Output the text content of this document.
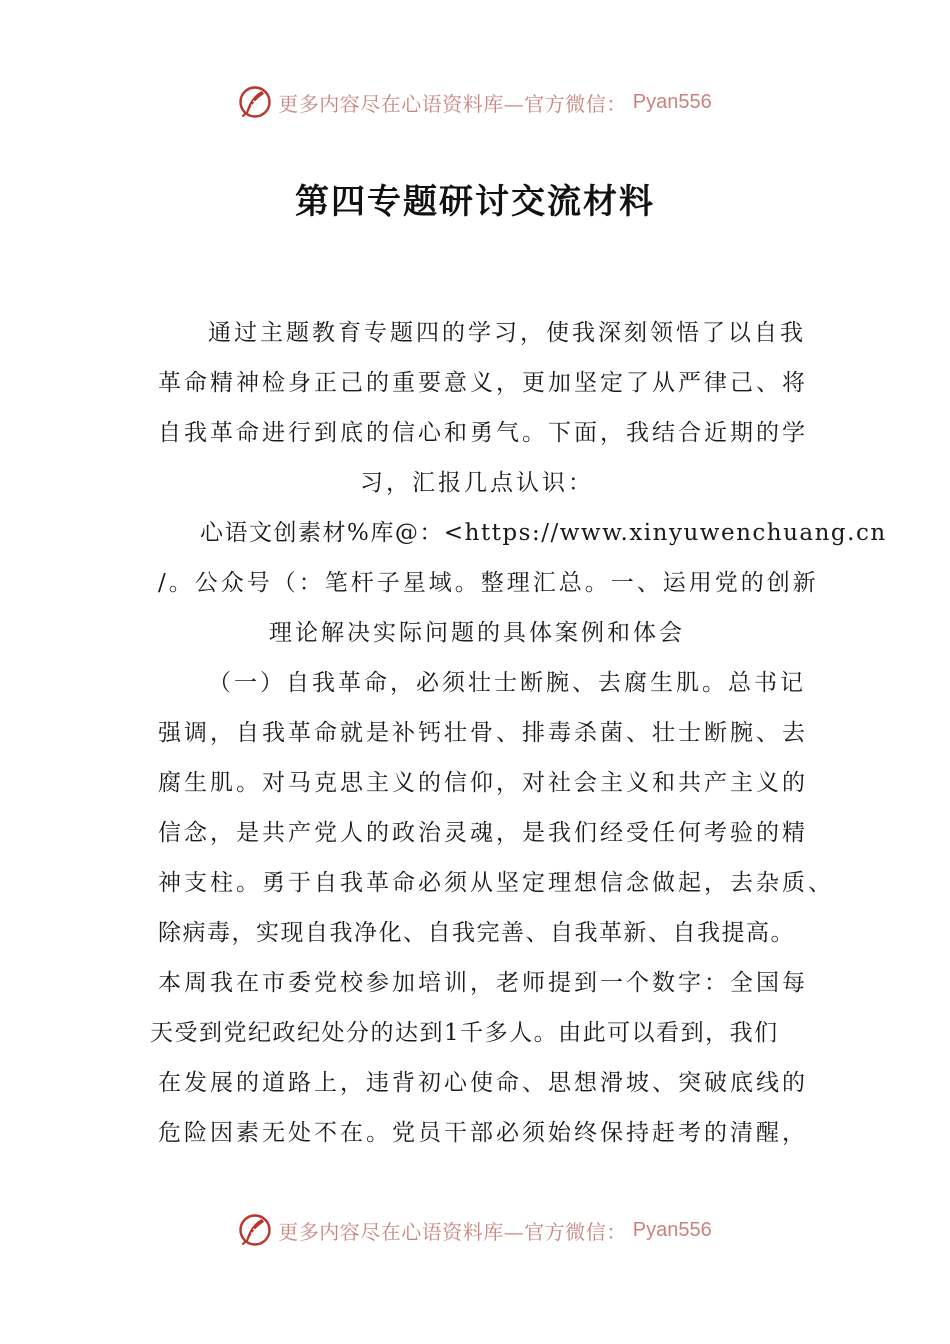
更多内容尽在心语资料库—官方微信： Pyan556
第四专题研讨交流材料
通过主题教育专题四的学习，使我深刻领悟了以自我
革命精神检身正己的重要意义，更加坚定了从严律己、将
自我革命进行到底的信心和勇气。下面，我结合近期的学
习，汇报几点认识：
心语文创素材%库@：<https://www.xinyuwenchuang.cn
/。公众号（：笔杆子星域。整理汇总。一、运用党的创新
理论解决实际问题的具体案例和体会
（一）自我革命，必须壮士断腕、去腐生肌。总书记
强调，自我革命就是补钙壮骨、排毒杀菌、壮士断腕、去
腐生肌。对马克思主义的信仰，对社会主义和共产主义的
信念，是共产党人的政治灵魂，是我们经受任何考验的精
神支柱。勇于自我革命必须从坚定理想信念做起，去杂质、
除病毒，实现自我净化、自我完善、自我革新、自我提高。
本周我在市委党校参加培训，老师提到一个数字：全国每
天受到党纪政纪处分的达到1千多人。由此可以看到，我们
在发展的道路上，违背初心使命、思想滑坡、突破底线的
危险因素无处不在。党员干部必须始终保持赶考的清醒，
更多内容尽在心语资料库—官方微信： Pyan556
